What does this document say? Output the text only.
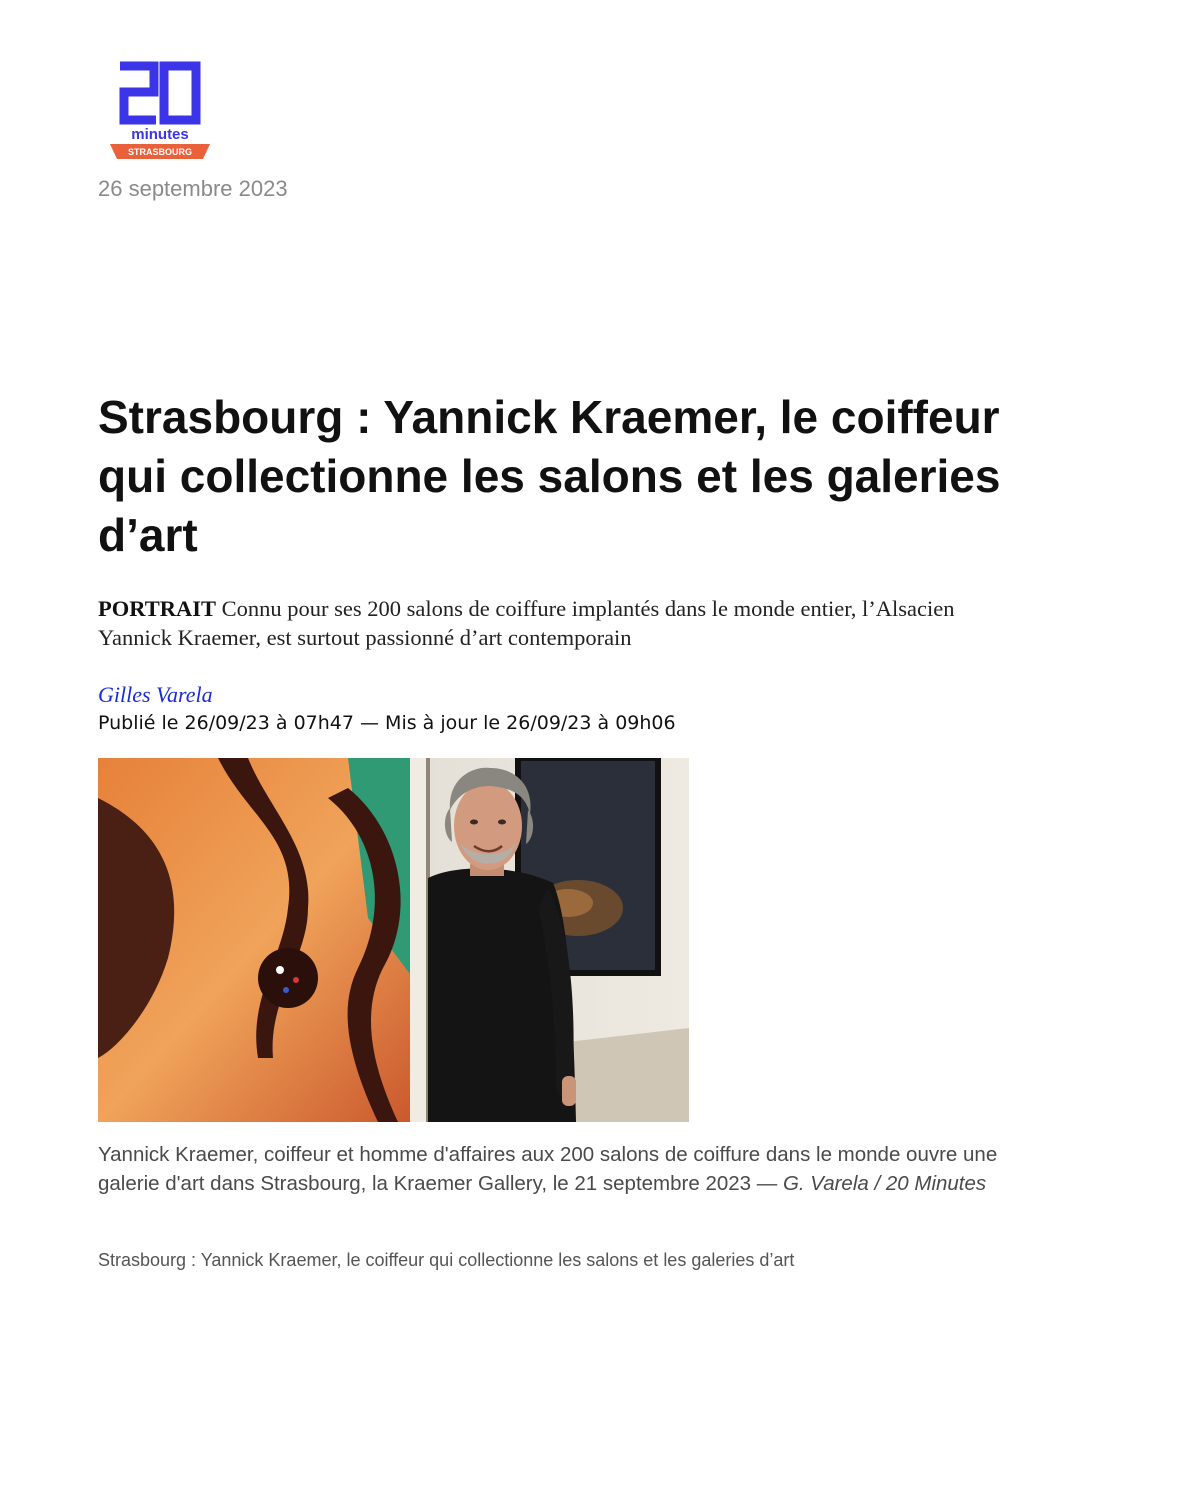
minutes
STRASBOURG
26 septembre 2023
Strasbourg : Yannick Kraemer, le coiffeur qui collectionne les salons et les galeries d’art

PORTRAIT Connu pour ses 200 salons de coiffure implantés dans le monde entier, l’Alsacien Yannick Kraemer, est surtout passionné d’art contemporain

Gilles Varela
Publié le 26/09/23 à 07h47 — Mis à jour le 26/09/23 à 09h06

Yannick Kraemer, coiffeur et homme d'affaires aux 200 salons de coiffure dans le monde ouvre une galerie d'art dans Strasbourg, la Kraemer Gallery, le 21 septembre 2023 — G. Varela / 20 Minutes

Strasbourg : Yannick Kraemer, le coiffeur qui collectionne les salons et les galeries d’art
